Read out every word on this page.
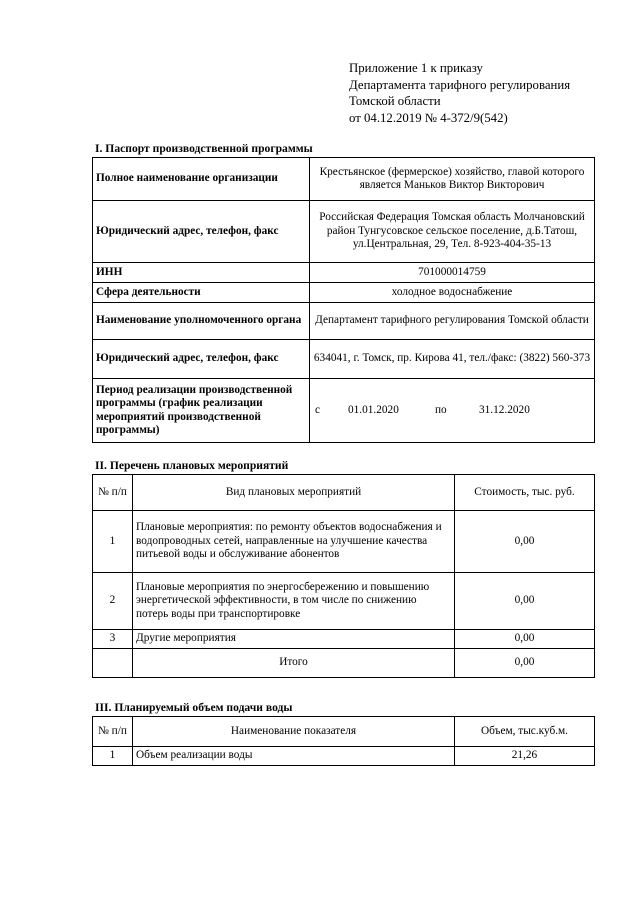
Приложение 1 к приказу
Департамента тарифного регулирования
Томской области
от 04.12.2019 № 4-372/9(542)
I. Паспорт производственной программы
Полное наименование организации	Крестьянское (фермерское) хозяйство, главой которого является Маньков Виктор Викторович
Юридический адрес, телефон, факс	Российская Федерация Томская область Молчановский район Тунгусовское сельское поселение, д.Б.Татош, ул.Центральная, 29, Тел. 8-923-404-35-13
ИНН	701000014759
Сфера деятельности	холодное водоснабжение
Наименование уполномоченного органа	Департамент тарифного регулирования Томской области
Юридический адрес, телефон, факс	634041, г. Томск, пр. Кирова 41, тел./факс: (3822) 560-373
Период реализации производственной программы (график реализации мероприятий производственной программы)	с 01.01.2020 по 31.12.2020
II. Перечень плановых мероприятий
№ п/п	Вид плановых мероприятий	Стоимость, тыс. руб.
1	Плановые мероприятия: по ремонту объектов водоснабжения и водопроводных сетей, направленные на улучшение качества питьевой воды и обслуживание абонентов	0,00
2	Плановые мероприятия по энергосбережению и повышению энергетической эффективности, в том числе по снижению потерь воды при транспортировке	0,00
3	Другие мероприятия	0,00
	Итого	0,00
III. Планируемый объем подачи воды
№ п/п	Наименование показателя	Объем, тыс.куб.м.
1	Объем реализации воды	21,26
